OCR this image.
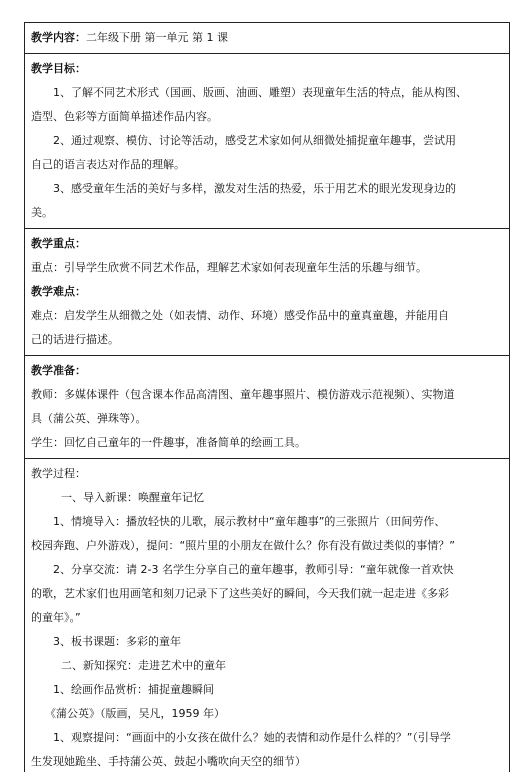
教学内容：二年级下册 第一单元 第 1 课
教学目标：
1、了解不同艺术形式（国画、版画、油画、雕塑）表现童年生活的特点，能从构图、
造型、色彩等方面简单描述作品内容。
2、通过观察、模仿、讨论等活动，感受艺术家如何从细微处捕捉童年趣事，尝试用
自己的语言表达对作品的理解。
3、感受童年生活的美好与多样，激发对生活的热爱，乐于用艺术的眼光发现身边的
美。
教学重点：
重点：引导学生欣赏不同艺术作品，理解艺术家如何表现童年生活的乐趣与细节。
教学难点：
难点：启发学生从细微之处（如表情、动作、环境）感受作品中的童真童趣，并能用自
己的话进行描述。
教学准备：
教师：多媒体课件（包含课本作品高清图、童年趣事照片、模仿游戏示范视频）、实物道
具（蒲公英、弹珠等）。
学生：回忆自己童年的一件趣事，准备简单的绘画工具。
教学过程：
一、导入新课：唤醒童年记忆
1、情境导入：播放轻快的儿歌，展示教材中“童年趣事”的三张照片（田间劳作、
校园奔跑、户外游戏），提问：“照片里的小朋友在做什么？你有没有做过类似的事情？”
2、分享交流：请 2-3 名学生分享自己的童年趣事，教师引导：“童年就像一首欢快
的歌，艺术家们也用画笔和刻刀记录下了这些美好的瞬间，今天我们就一起走进《多彩
的童年》。”
3、板书课题：多彩的童年
二、新知探究：走进艺术中的童年
1、绘画作品赏析：捕捉童趣瞬间
《蒲公英》（版画，吴凡，1959 年）
1、观察提问：“画面中的小女孩在做什么？她的表情和动作是什么样的？”（引导学
生发现她跪坐、手持蒲公英、鼓起小嘴吹向天空的细节）
